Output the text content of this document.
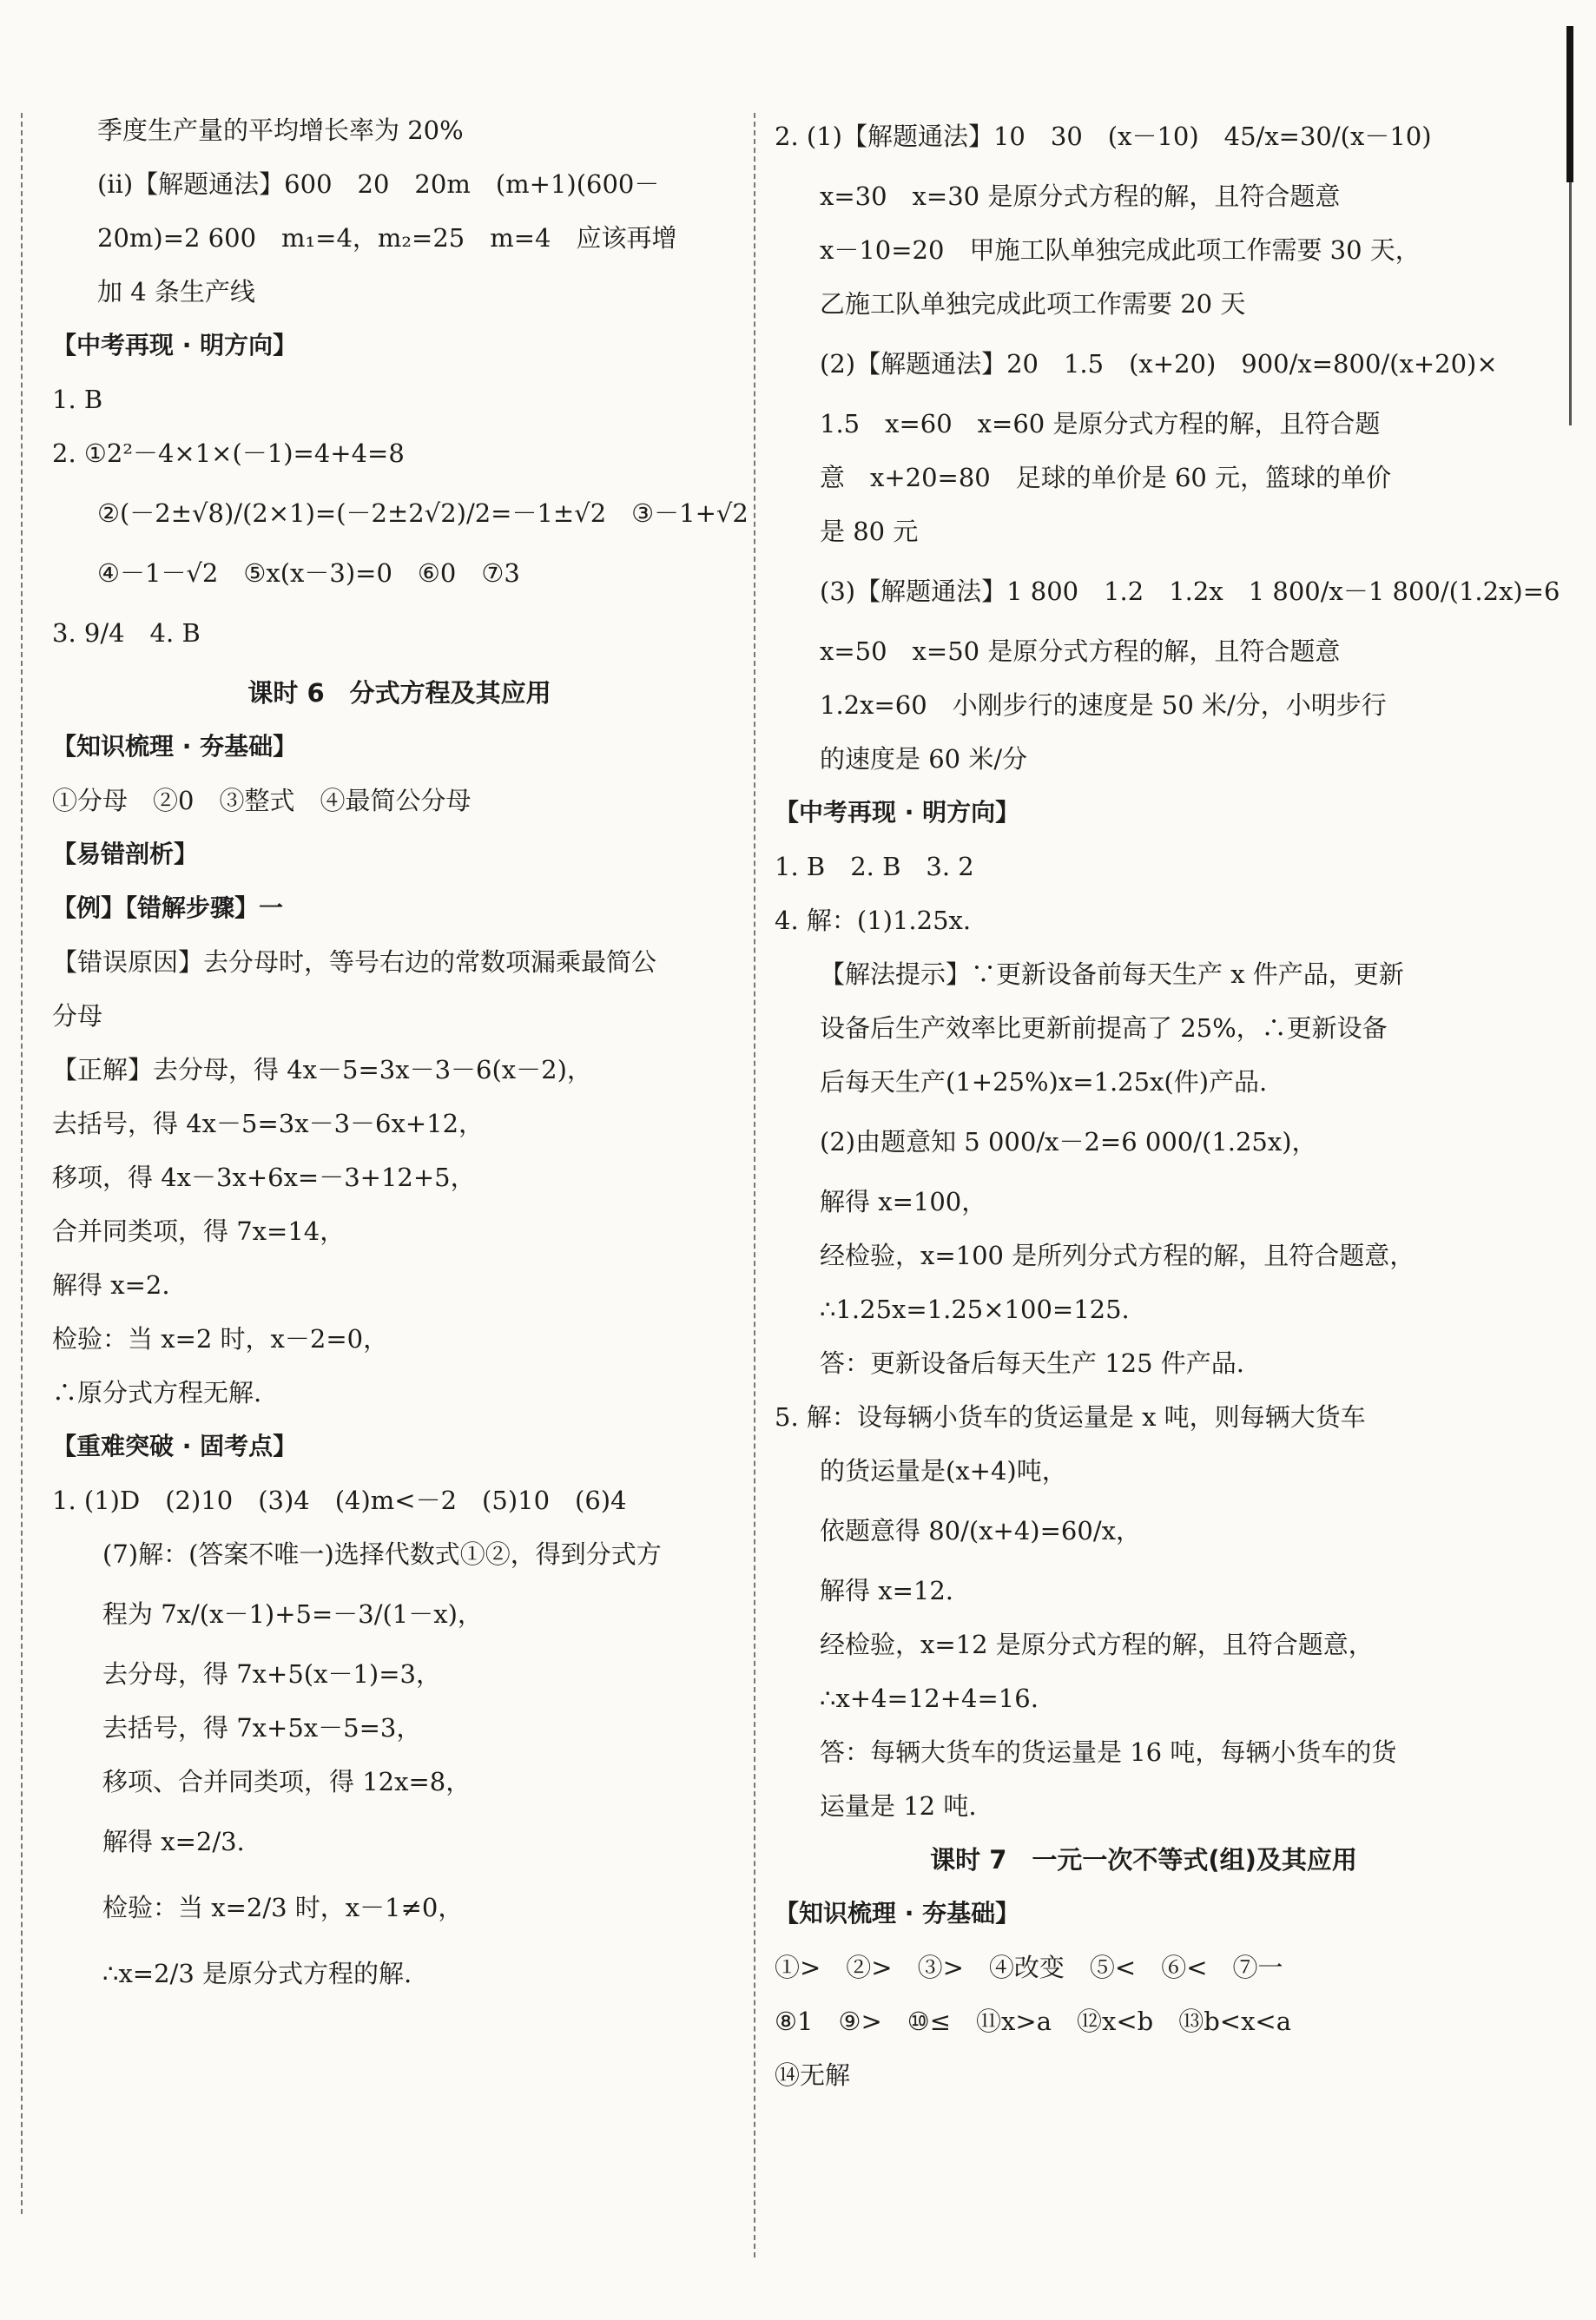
季度生产量的平均增长率为 20%
(ⅱ)【解题通法】600　20　20m　(m+1)(600－
20m)=2 600　m₁=4，m₂=25　m=4　应该再增
加 4 条生产线
【中考再现 · 明方向】
1. B
2. ①2²－4×1×(－1)=4+4=8
②(－2±√8)/(2×1)=(－2±2√2)/2=－1±√2　③－1+√2
④－1－√2　⑤x(x－3)=0　⑥0　⑦3
3. 9/4　4. B
课时 6　分式方程及其应用
【知识梳理 · 夯基础】
①分母　②0　③整式　④最简公分母
【易错剖析】
【例】【错解步骤】一
【错误原因】去分母时，等号右边的常数项漏乘最简公
分母
【正解】去分母，得 4x－5=3x－3－6(x－2)，
去括号，得 4x－5=3x－3－6x+12，
移项，得 4x－3x+6x=－3+12+5，
合并同类项，得 7x=14，
解得 x=2.
检验：当 x=2 时，x－2=0，
∴原分式方程无解.
【重难突破 · 固考点】
1. (1)D　(2)10　(3)4　(4)m<－2　(5)10　(6)4
(7)解：(答案不唯一)选择代数式①②，得到分式方
程为 7x/(x－1)+5=－3/(1－x)，
去分母，得 7x+5(x－1)=3，
去括号，得 7x+5x－5=3，
移项、合并同类项，得 12x=8，
解得 x=2/3.
检验：当 x=2/3 时，x－1≠0，
∴x=2/3 是原分式方程的解.
2. (1)【解题通法】10　30　(x－10)　45/x=30/(x－10)
x=30　x=30 是原分式方程的解，且符合题意
x－10=20　甲施工队单独完成此项工作需要 30 天，
乙施工队单独完成此项工作需要 20 天
(2)【解题通法】20　1.5　(x+20)　900/x=800/(x+20)×
1.5　x=60　x=60 是原分式方程的解，且符合题
意　x+20=80　足球的单价是 60 元，篮球的单价
是 80 元
(3)【解题通法】1 800　1.2　1.2x　1 800/x－1 800/(1.2x)=6
x=50　x=50 是原分式方程的解，且符合题意
1.2x=60　小刚步行的速度是 50 米/分，小明步行
的速度是 60 米/分
【中考再现 · 明方向】
1. B　2. B　3. 2
4. 解：(1)1.25x.
【解法提示】∵更新设备前每天生产 x 件产品，更新
设备后生产效率比更新前提高了 25%，∴更新设备
后每天生产(1+25%)x=1.25x(件)产品.
(2)由题意知 5 000/x－2=6 000/(1.25x)，
解得 x=100，
经检验，x=100 是所列分式方程的解，且符合题意，
∴1.25x=1.25×100=125.
答：更新设备后每天生产 125 件产品.
5. 解：设每辆小货车的货运量是 x 吨，则每辆大货车
的货运量是(x+4)吨，
依题意得 80/(x+4)=60/x，
解得 x=12.
经检验，x=12 是原分式方程的解，且符合题意，
∴x+4=12+4=16.
答：每辆大货车的货运量是 16 吨，每辆小货车的货
运量是 12 吨.
课时 7　一元一次不等式(组)及其应用
【知识梳理 · 夯基础】
①>　②>　③>　④改变　⑤<　⑥<　⑦一
⑧1　⑨>　⑩≤　⑪x>a　⑫x<b　⑬b<x<a
⑭无解
